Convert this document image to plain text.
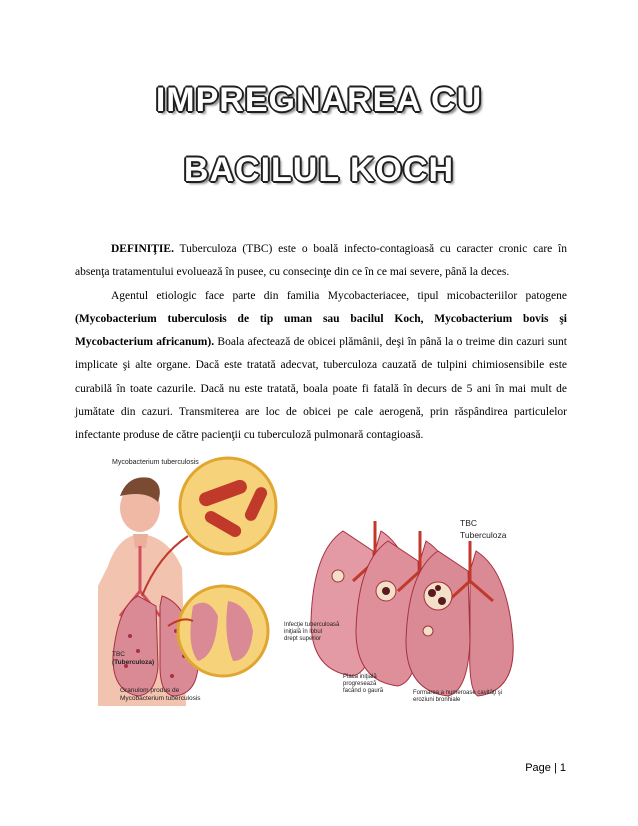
IMPREGNAREA CU
BACILUL KOCH

DEFINIŢIE. Tuberculoza (TBC) este o boală infecto-contagioasă cu caracter cronic care în absenţa tratamentului evoluează în pusee, cu consecinţe din ce în ce mai severe, până la deces.

Agentul etiologic face parte din familia Mycobacteriacee, tipul micobacteriilor patogene (Mycobacterium tuberculosis de tip uman sau bacilul Koch, Mycobacterium bovis şi Mycobacterium africanum). Boala afectează de obicei plămânii, deşi în până la o treime din cazuri sunt implicate şi alte organe. Dacă este tratată adecvat, tuberculoza cauzată de tulpini chimiosensibile este curabilă în toate cazurile. Dacă nu este tratată, boala poate fi fatală în decurs de 5 ani în mai mult de jumătate din cazuri. Transmiterea are loc de obicei pe cale aerogenă, prin răspândirea particulelor infectante produse de către pacienţii cu tuberculoză pulmonară contagioasă.

Mycobacterium tuberculosis
TBC
(Tuberculoza)
Granulom produs de
Mycobacterium tuberculosis
TBC
Tuberculoza
Infecţie tuberculoasă
iniţială în lobul
drept superior
Placa iniţială
progresează
facând o gaură	Formarea a numeroase cavităţi şi
eroziuni bronhiale
Page | 1
